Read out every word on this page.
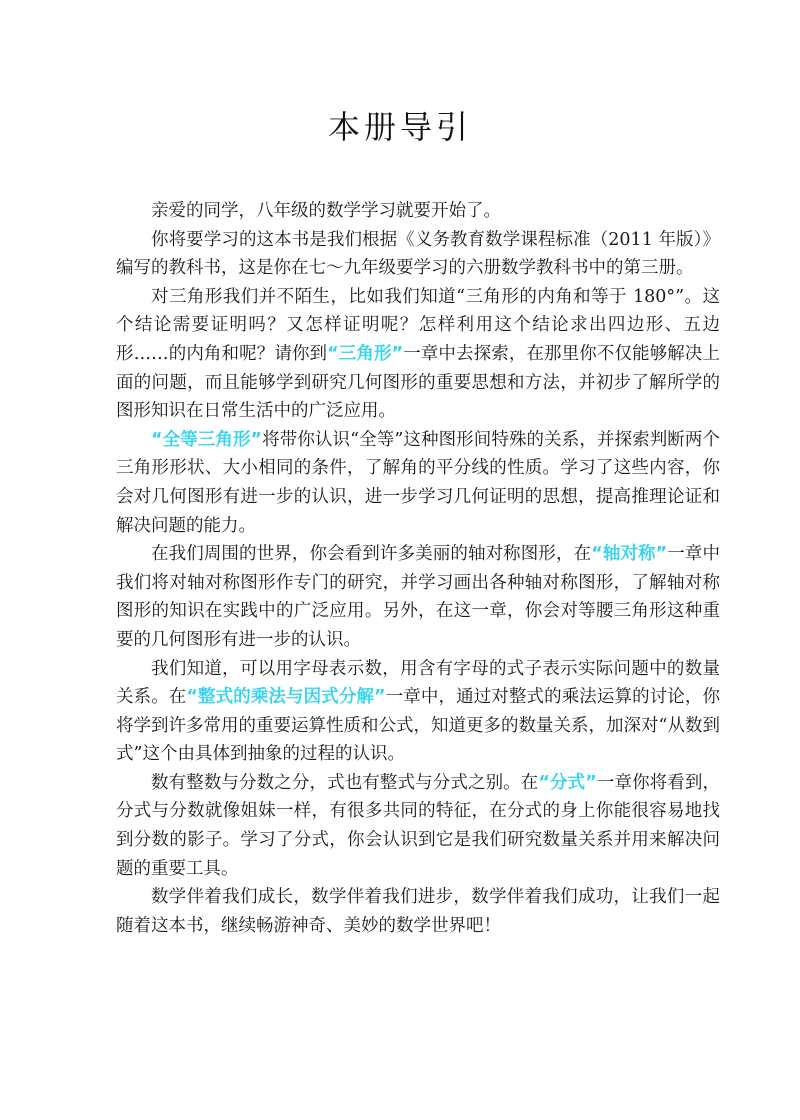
本册导引

亲爱的同学，八年级的数学学习就要开始了。

你将要学习的这本书是我们根据《义务教育数学课程标准（2011 年版）》编写的教科书，这是你在七～九年级要学习的六册数学教科书中的第三册。

对三角形我们并不陌生，比如我们知道“三角形的内角和等于 180°”。这个结论需要证明吗？又怎样证明呢？怎样利用这个结论求出四边形、五边形……的内角和呢？请你到“三角形”一章中去探索，在那里你不仅能够解决上面的问题，而且能够学到研究几何图形的重要思想和方法，并初步了解所学的图形知识在日常生活中的广泛应用。

“全等三角形”将带你认识“全等”这种图形间特殊的关系，并探索判断两个三角形形状、大小相同的条件，了解角的平分线的性质。学习了这些内容，你会对几何图形有进一步的认识，进一步学习几何证明的思想，提高推理论证和解决问题的能力。

在我们周围的世界，你会看到许多美丽的轴对称图形，在“轴对称”一章中我们将对轴对称图形作专门的研究，并学习画出各种轴对称图形，了解轴对称图形的知识在实践中的广泛应用。另外，在这一章，你会对等腰三角形这种重要的几何图形有进一步的认识。

我们知道，可以用字母表示数，用含有字母的式子表示实际问题中的数量关系。在“整式的乘法与因式分解”一章中，通过对整式的乘法运算的讨论，你将学到许多常用的重要运算性质和公式，知道更多的数量关系，加深对“从数到式”这个由具体到抽象的过程的认识。

数有整数与分数之分，式也有整式与分式之别。在“分式”一章你将看到，分式与分数就像姐妹一样，有很多共同的特征，在分式的身上你能很容易地找到分数的影子。学习了分式，你会认识到它是我们研究数量关系并用来解决问题的重要工具。

数学伴着我们成长，数学伴着我们进步，数学伴着我们成功，让我们一起随着这本书，继续畅游神奇、美妙的数学世界吧！
